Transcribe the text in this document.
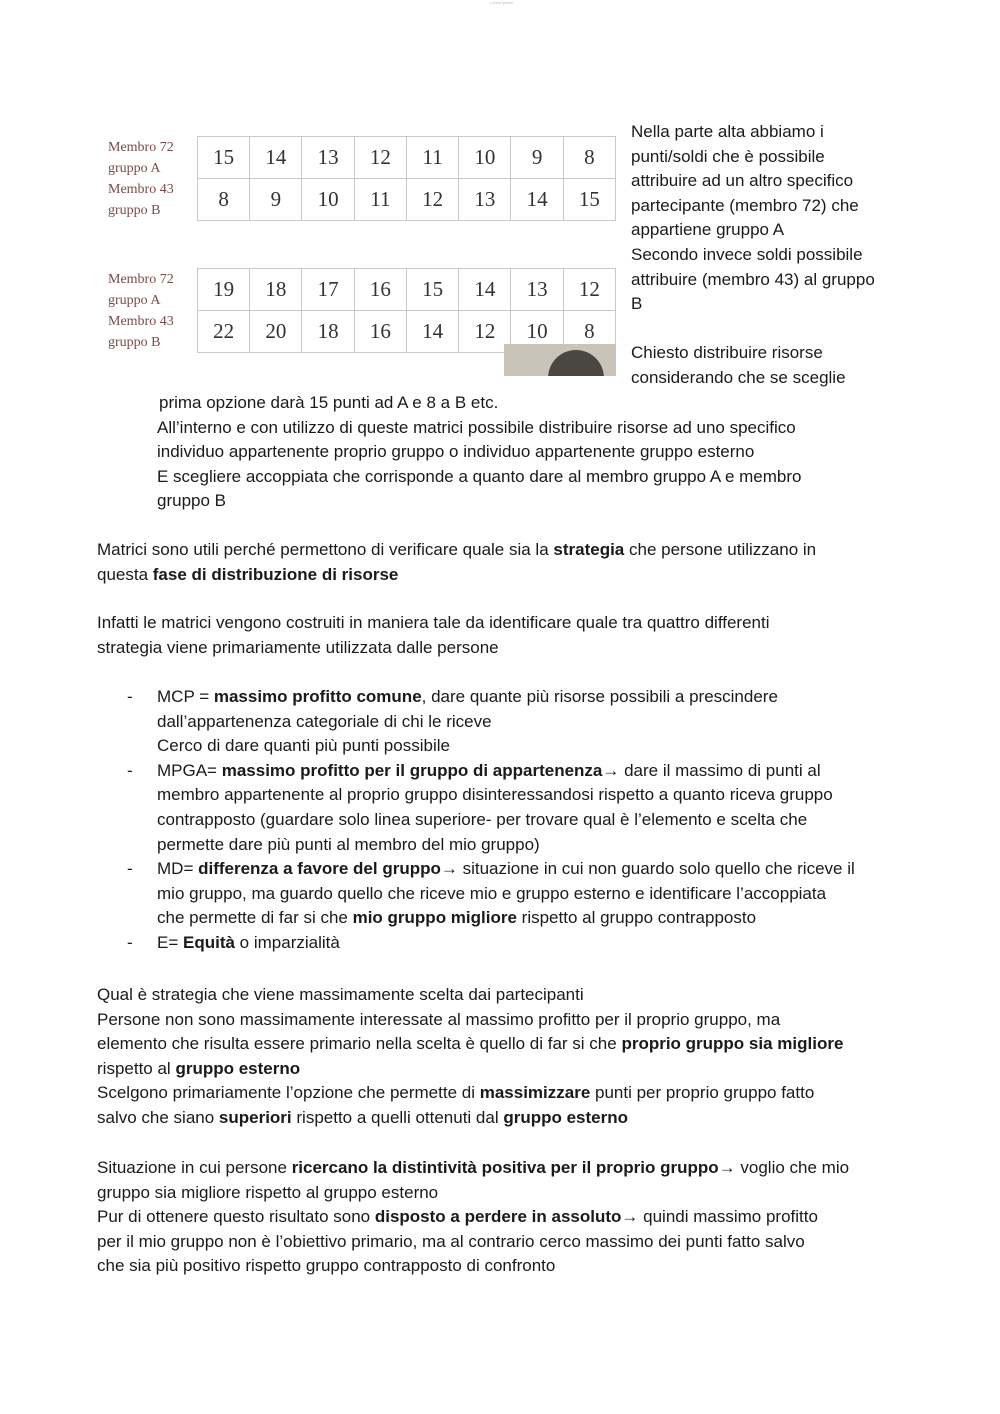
Lorem Ipsum
Membro 72
gruppo A	15	14	13	12	11	10	9	8
Membro 43
gruppo B	8	9	10	11	12	13	14	15
Membro 72
gruppo A	19	18	17	16	15	14	13	12
Membro 43
gruppo B	22	20	18	16	14	12	10	8
Nella parte alta abbiamo i
punti/soldi che è possibile
attribuire ad un altro specifico
partecipante (membro 72) che
appartiene gruppo A
Secondo invece soldi possibile
attribuire (membro 43) al gruppo
B
Chiesto distribuire risorse
considerando che se sceglie
prima opzione darà 15 punti ad A e 8 a B etc.
All’interno e con utilizzo di queste matrici possibile distribuire risorse ad uno specifico
individuo appartenente proprio gruppo o individuo appartenente gruppo esterno
E scegliere accoppiata che corrisponde a quanto dare al membro gruppo A e membro
gruppo B
Matrici sono utili perché permettono di verificare quale sia la strategia che persone utilizzano in
questa fase di distribuzione di risorse
Infatti le matrici vengono costruiti in maniera tale da identificare quale tra quattro differenti
strategia viene primariamente utilizzata dalle persone
- MCP = massimo profitto comune, dare quante più risorse possibili a prescindere
dall’appartenenza categoriale di chi le riceve
Cerco di dare quanti più punti possibile
- MPGA= massimo profitto per il gruppo di appartenenza→ dare il massimo di punti al
membro appartenente al proprio gruppo disinteressandosi rispetto a quanto riceva gruppo
contrapposto (guardare solo linea superiore- per trovare qual è l’elemento e scelta che
permette dare più punti al membro del mio gruppo)
- MD= differenza a favore del gruppo→ situazione in cui non guardo solo quello che riceve il
mio gruppo, ma guardo quello che riceve mio e gruppo esterno e identificare l’accoppiata
che permette di far si che mio gruppo migliore rispetto al gruppo contrapposto
- E= Equità o imparzialità
Qual è strategia che viene massimamente scelta dai partecipanti
Persone non sono massimamente interessate al massimo profitto per il proprio gruppo, ma
elemento che risulta essere primario nella scelta è quello di far si che proprio gruppo sia migliore
rispetto al gruppo esterno
Scelgono primariamente l’opzione che permette di massimizzare punti per proprio gruppo fatto
salvo che siano superiori rispetto a quelli ottenuti dal gruppo esterno
Situazione in cui persone ricercano la distintività positiva per il proprio gruppo→ voglio che mio
gruppo sia migliore rispetto al gruppo esterno
Pur di ottenere questo risultato sono disposto a perdere in assoluto→ quindi massimo profitto
per il mio gruppo non è l’obiettivo primario, ma al contrario cerco massimo dei punti fatto salvo
che sia più positivo rispetto gruppo contrapposto di confronto
